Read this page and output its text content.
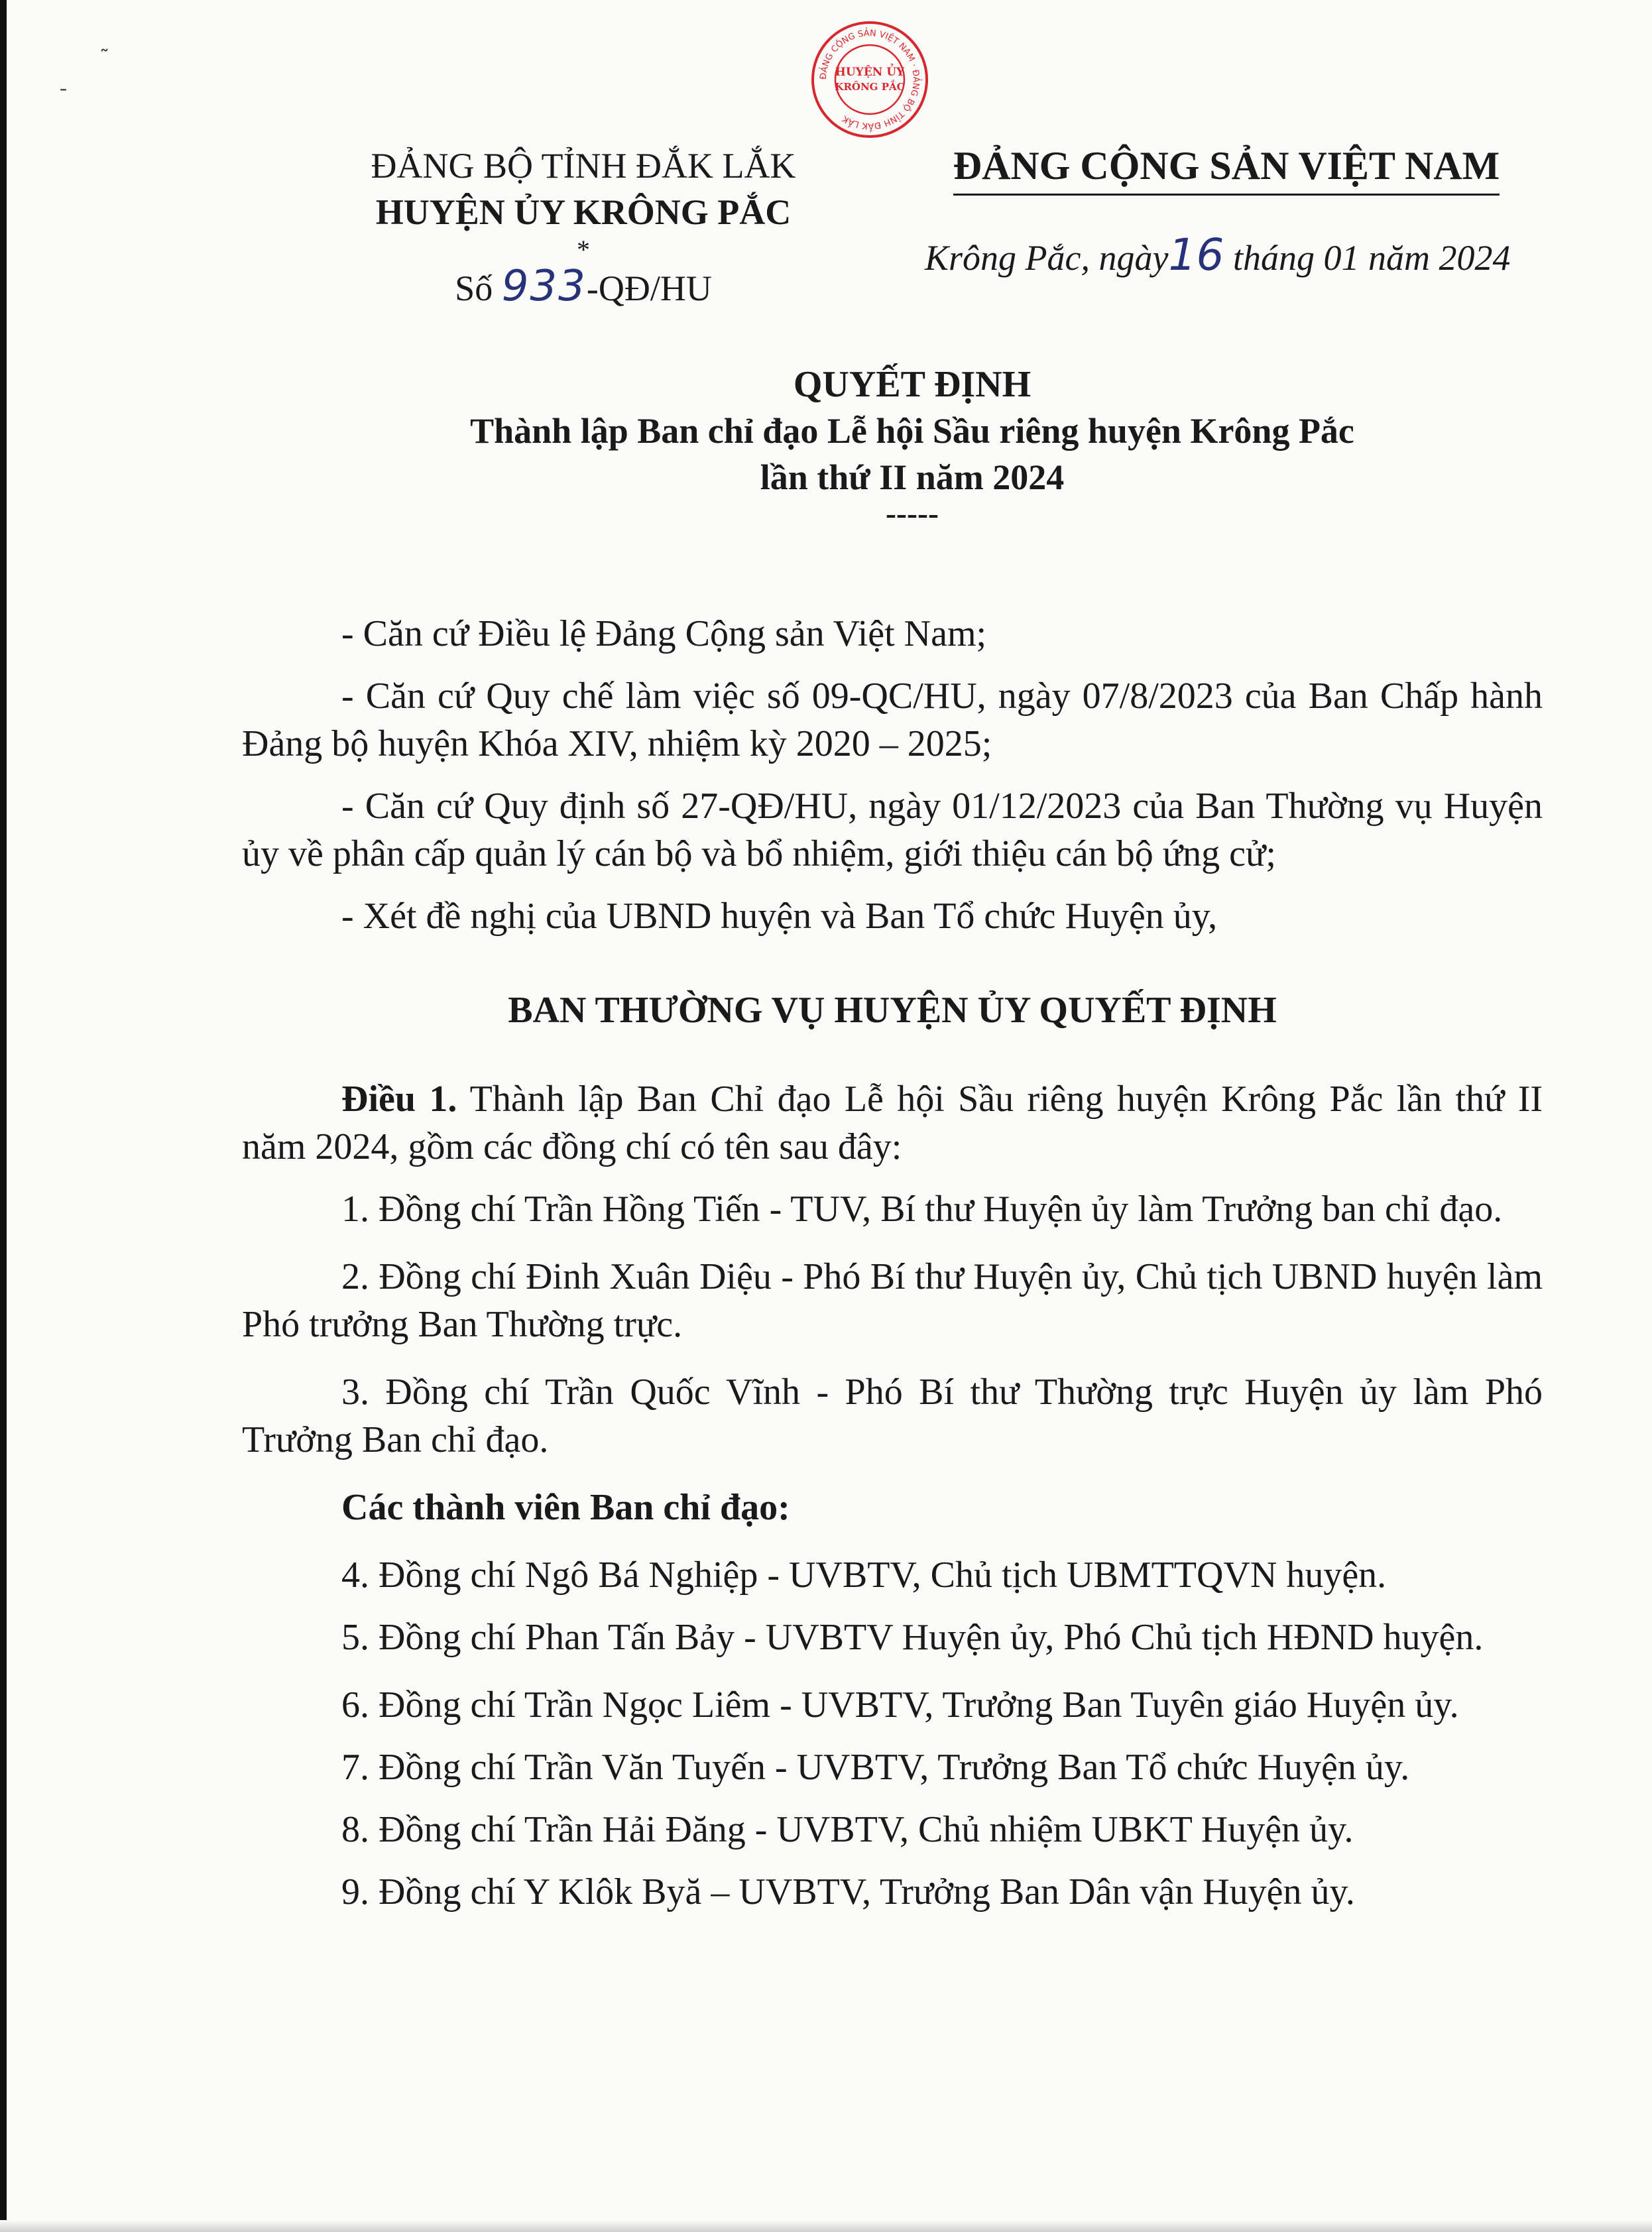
˜
ˉ
ĐẢNG CỘNG SẢN VIỆT NAM · ĐẢNG BỘ TỈNH ĐẮK LẮK
HUYỆN ỦY
KRÔNG PẮC
ĐẢNG BỘ TỈNH ĐẮK LẮK
HUYỆN ỦY KRÔNG PẮC
*
Số 933-QĐ/HU
ĐẢNG CỘNG SẢN VIỆT NAM
Krông Pắc, ngày16 tháng 01 năm 2024
QUYẾT ĐỊNH
Thành lập Ban chỉ đạo Lễ hội Sầu riêng huyện Krông Pắc
lần thứ II năm 2024
-----

- Căn cứ Điều lệ Đảng Cộng sản Việt Nam;

- Căn cứ Quy chế làm việc số 09-QC/HU, ngày 07/8/2023 của Ban Chấp hành Đảng bộ huyện Khóa XIV, nhiệm kỳ 2020 – 2025;

- Căn cứ Quy định số 27-QĐ/HU, ngày 01/12/2023 của Ban Thường vụ Huyện ủy về phân cấp quản lý cán bộ và bổ nhiệm, giới thiệu cán bộ ứng cử;

- Xét đề nghị của UBND huyện và Ban Tổ chức Huyện ủy,

BAN THƯỜNG VỤ HUYỆN ỦY QUYẾT ĐỊNH

Điều 1. Thành lập Ban Chỉ đạo Lễ hội Sầu riêng huyện Krông Pắc lần thứ II năm 2024, gồm các đồng chí có tên sau đây:

1. Đồng chí Trần Hồng Tiến - TUV, Bí thư Huyện ủy làm Trưởng ban chỉ đạo.

2. Đồng chí Đinh Xuân Diệu - Phó Bí thư Huyện ủy, Chủ tịch UBND huyện làm Phó trưởng Ban Thường trực.

3. Đồng chí Trần Quốc Vĩnh - Phó Bí thư Thường trực Huyện ủy làm Phó Trưởng Ban chỉ đạo.

Các thành viên Ban chỉ đạo:

4. Đồng chí Ngô Bá Nghiệp - UVBTV, Chủ tịch UBMTTQVN huyện.

5. Đồng chí Phan Tấn Bảy - UVBTV Huyện ủy, Phó Chủ tịch HĐND huyện.

6. Đồng chí Trần Ngọc Liêm - UVBTV, Trưởng Ban Tuyên giáo Huyện ủy.

7. Đồng chí Trần Văn Tuyến - UVBTV, Trưởng Ban Tổ chức Huyện ủy.

8. Đồng chí Trần Hải Đăng - UVBTV, Chủ nhiệm UBKT Huyện ủy.

9. Đồng chí Y Klôk Byă – UVBTV, Trưởng Ban Dân vận Huyện ủy.
